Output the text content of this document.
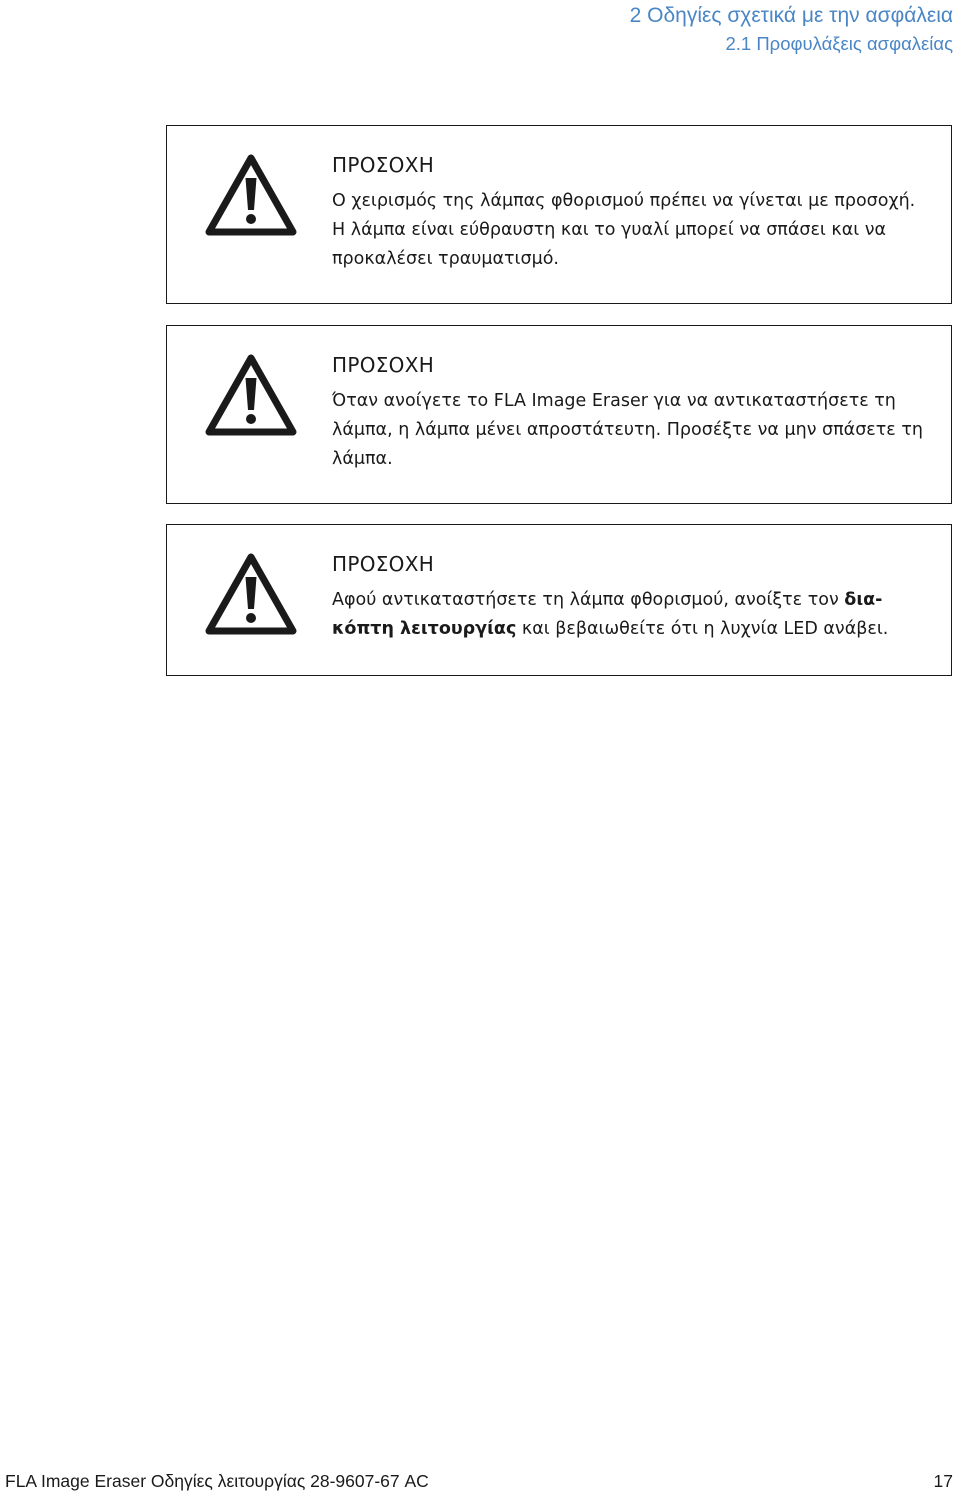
2 Οδηγίες σχετικά με την ασφάλεια
2.1 Προφυλάξεις ασφαλείας

ΠΡΟΣΟΧΗ

Ο χειρισμός της λάμπας φθορισμού πρέπει να γίνεται με προσοχή. Η λάμπα είναι εύθραυστη και το γυαλί μπορεί να σπάσει και να προκαλέσει τραυματισμό.

ΠΡΟΣΟΧΗ

Όταν ανοίγετε το FLA Image Eraser για να αντικαταστήσετε τη λάμπα, η λάμπα μένει απροστάτευτη. Προσέξτε να μην σπάσετε τη λάμπα.

ΠΡΟΣΟΧΗ

Αφού αντικαταστήσετε τη λάμπα φθορισμού, ανοίξτε τον δια-κόπτη λειτουργίας και βεβαιωθείτε ότι η λυχνία LED ανάβει.

FLA Image Eraser Οδηγίες λειτουργίας 28-9607-67 AC	17
